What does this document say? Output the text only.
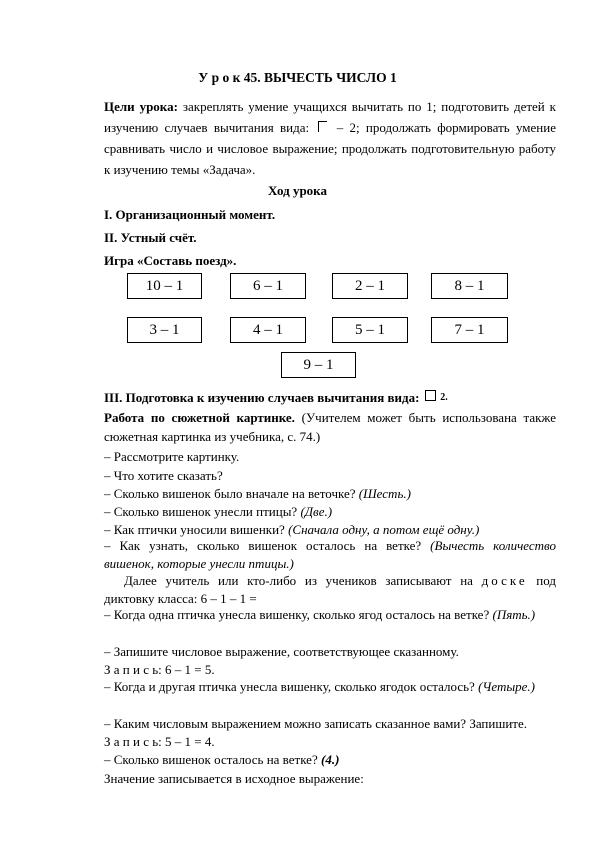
У р о к 45. ВЫЧЕСТЬ ЧИСЛО 1
Цели урока: закреплять умение учащихся вычитать по 1; подготовить детей к изучению случаев вычитания вида:  – 2; продолжать формировать умение сравнивать число и числовое выражение; продолжать подготовительную работу к изучению темы «Задача».
Ход урока
I. Организационный момент.
II. Устный счёт.
Игра «Составь поезд».
10 – 1	6 – 1	2 – 1	8 – 1
3 – 1	4 – 1	5 – 1	7 – 1
9 – 1
III. Подготовка к изучению случаев вычитания вида:  2.
Работа по сюжетной картинке. (Учителем может быть использована также сюжетная картинка из учебника, с. 74.)
– Рассмотрите картинку.
– Что хотите сказать?
– Сколько вишенок было вначале на веточке? (Шесть.)
– Сколько вишенок унесли птицы? (Две.)
– Как птички уносили вишенки? (Сначала одну, а потом ещё одну.)
– Как узнать, сколько вишенок осталось на ветке? (Вычесть количество вишенок, которые унесли птицы.)
Далее учитель или кто-либо из учеников записывают на доске под диктовку класса: 6 – 1 – 1 =
– Когда одна птичка унесла вишенку, сколько ягод осталось на ветке? (Пять.)
– Запишите числовое выражение, соответствующее сказанному.
З а п и с ь: 6 – 1 = 5.
– Когда и другая птичка унесла вишенку, сколько ягодок осталось? (Четыре.)
– Каким числовым выражением можно записать сказанное вами? Запишите.
З а п и с ь: 5 – 1 = 4.
– Сколько вишенок осталось на ветке? (4.)
Значение записывается в исходное выражение:
